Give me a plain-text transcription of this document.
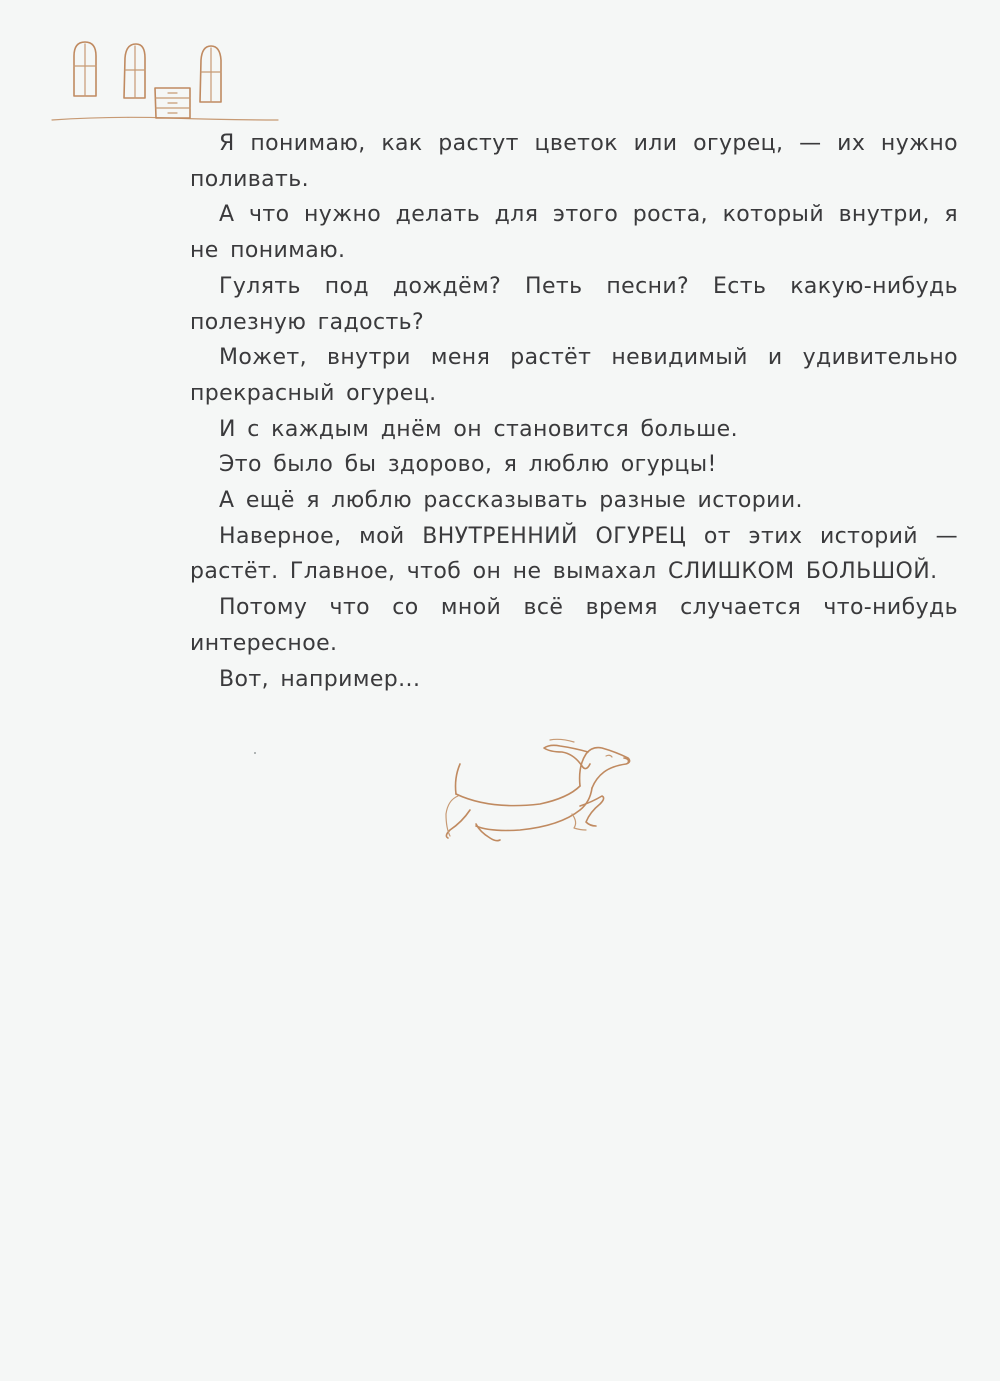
Я понимаю, как растут цветок или огурец, — их нужно поливать.

А что нужно делать для этого роста, который внутри, я не понимаю.

Гулять под дождём? Петь песни? Есть какую-нибудь полезную гадость?

Может, внутри меня растёт невидимый и удивительно прекрасный огурец.

И с каждым днём он становится больше.

Это было бы здорово, я люблю огурцы!

А ещё я люблю рассказывать разные истории.

Наверное, мой ВНУТРЕННИЙ ОГУРЕЦ от этих историй — растёт. Главное, чтоб он не вымахал СЛИШКОМ БОЛЬШОЙ.

Потому что со мной всё время случается что-нибудь интересное.

Вот, например...
